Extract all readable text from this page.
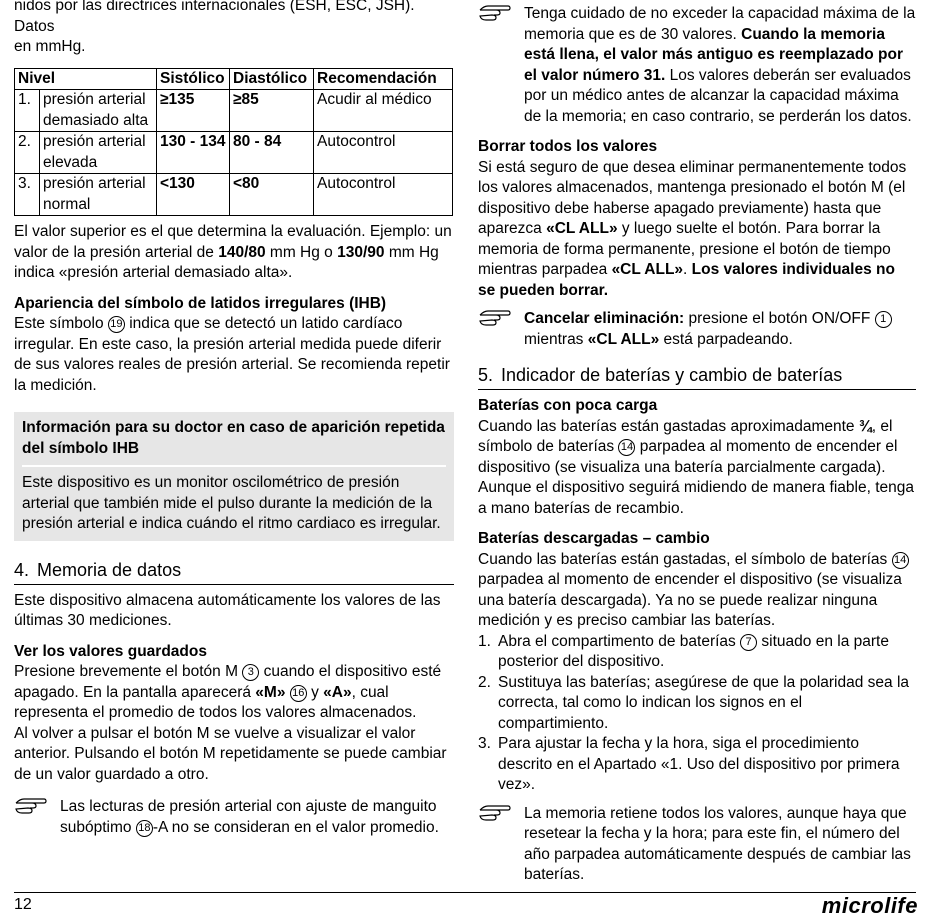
nidos por las directrices internacionales (ESH, ESC, JSH). Datos
en mmHg.

Nivel	Sistólico	Diastólico	Recomendación

1. presión arterial demasiado alta	≥135	≥85	Acudir al médico

2. presión arterial elevada	130 - 134	80 - 84	Autocontrol

3. presión arterial normal	<130	<80	Autocontrol

El valor superior es el que determina la evaluación. Ejemplo: un valor de la presión arterial de 140/80 mm Hg o 130/90 mm Hg indica «presión arterial demasiado alta».

Apariencia del símbolo de latidos irregulares (IHB)

Este símbolo 19 indica que se detectó un latido cardíaco irregular. En este caso, la presión arterial medida puede diferir de sus valores reales de presión arterial. Se recomienda repetir la medición.

Información para su doctor en caso de aparición repetida del símbolo IHB

Este dispositivo es un monitor oscilométrico de presión arterial que también mide el pulso durante la medición de la presión arterial e indica cuándo el ritmo cardiaco es irregular.

4. Memoria de datos

Este dispositivo almacena automáticamente los valores de las últimas 30 mediciones.

Ver los valores guardados

Presione brevemente el botón M 3 cuando el dispositivo esté apagado. En la pantalla aparecerá «M» 16 y «A», cual representa el promedio de todos los valores almacenados.

Al volver a pulsar el botón M se vuelve a visualizar el valor anterior. Pulsando el botón M repetidamente se puede cambiar de un valor guardado a otro.

Las lecturas de presión arterial con ajuste de manguito subóptimo 18 -A no se consideran en el valor promedio.
Tenga cuidado de no exceder la capacidad máxima de la memoria que es de 30 valores. Cuando la memoria está llena, el valor más antiguo es reemplazado por el valor número 31. Los valores deberán ser evaluados por un médico antes de alcanzar la capacidad máxima de la memoria; en caso contrario, se perderán los datos.

Borrar todos los valores

Si está seguro de que desea eliminar permanentemente todos los valores almacenados, mantenga presionado el botón M (el dispositivo debe haberse apagado previamente) hasta que aparezca «CL ALL» y luego suelte el botón. Para borrar la memoria de forma permanente, presione el botón de tiempo mientras parpadea «CL ALL». Los valores individuales no se pueden borrar.

Cancelar eliminación: presione el botón ON/OFF 1 mientras «CL ALL» está parpadeando.
5. Indicador de baterías y cambio de baterías

Baterías con poca carga

Cuando las baterías están gastadas aproximadamente ¾, el símbolo de baterías 14 parpadea al momento de encender el dispositivo (se visualiza una batería parcialmente cargada). Aunque el dispositivo seguirá midiendo de manera fiable, tenga a mano baterías de recambio.

Baterías descargadas – cambio

Cuando las baterías están gastadas, el símbolo de baterías 14 parpadea al momento de encender el dispositivo (se visualiza una batería descargada). Ya no se puede realizar ninguna medición y es preciso cambiar las baterías.

1. Abra el compartimento de baterías 7 situado en la parte posterior del dispositivo.
2. Sustituya las baterías; asegúrese de que la polaridad sea la correcta, tal como lo indican los signos en el compartimiento.
3. Para ajustar la fecha y la hora, siga el procedimiento descrito en el Apartado «1. Uso del dispositivo por primera vez».
La memoria retiene todos los valores, aunque haya que resetear la fecha y la hora; para este fin, el número del año parpadea automáticamente después de cambiar las baterías.
12	microlife
